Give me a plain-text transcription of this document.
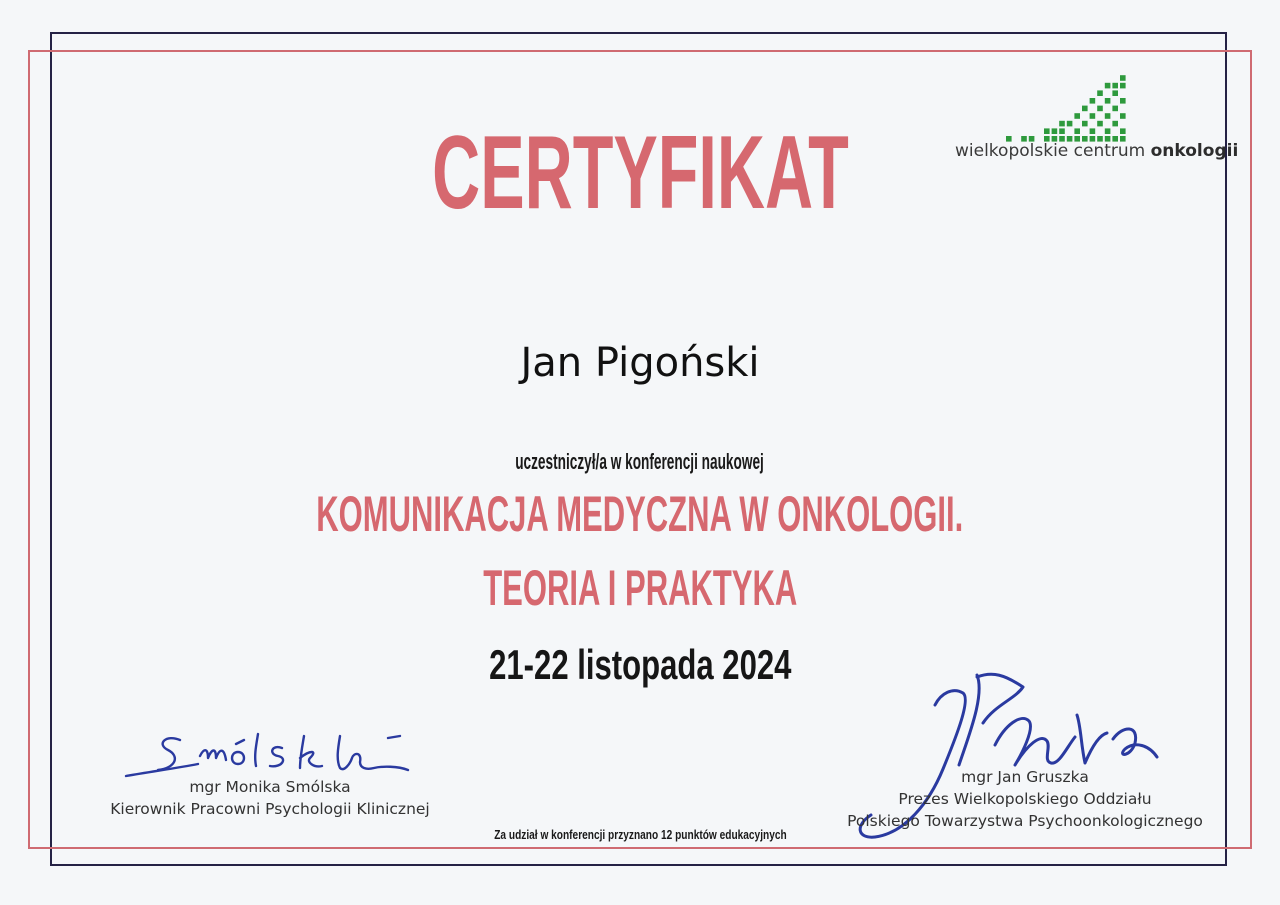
wielkopolskie centrum onkologii
CERTYFIKAT
Jan Pigoński
uczestniczył/a w konferencji naukowej
KOMUNIKACJA MEDYCZNA W ONKOLOGII.
TEORIA I PRAKTYKA
21-22 listopada 2024
mgr Monika Smólska
Kierownik Pracowni Psychologii Klinicznej
mgr Jan Gruszka
Prezes Wielkopolskiego Oddziału
Polskiego Towarzystwa Psychoonkologicznego
Za udział w konferencji przyznano 12 punktów edukacyjnych
